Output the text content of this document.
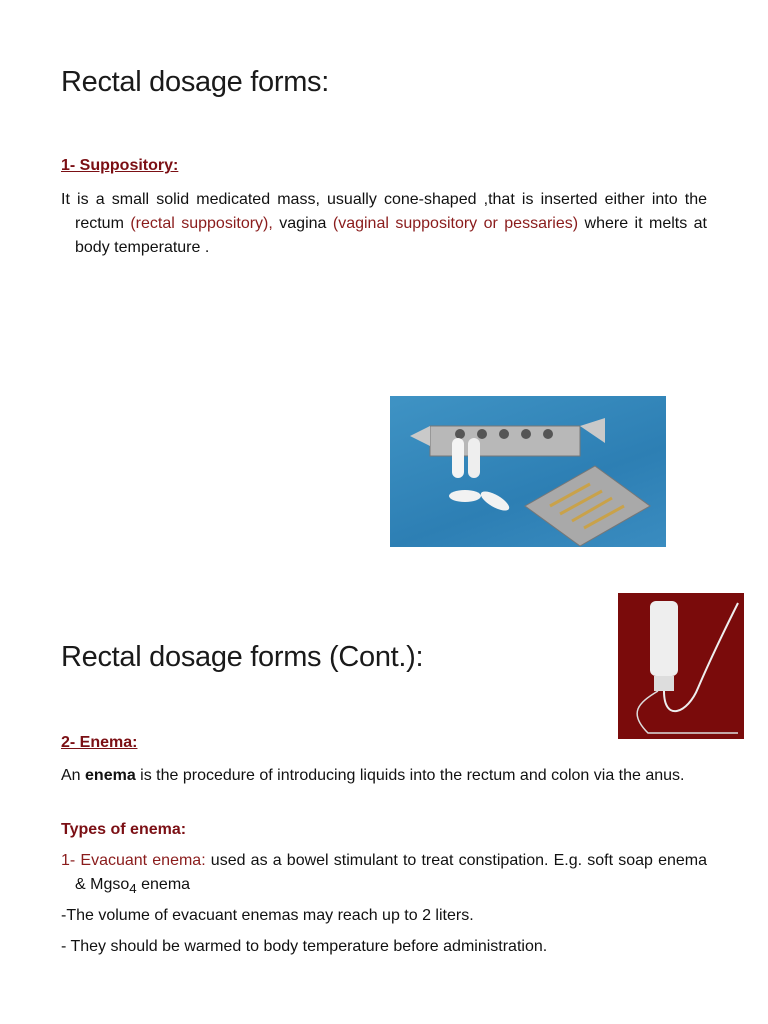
Rectal dosage forms:
1- Suppository:
It is a small solid medicated mass, usually cone-shaped ,that is inserted either into the rectum (rectal suppository), vagina (vaginal suppository or pessaries) where it melts at body temperature .
Rectal dosage forms (Cont.):
2- Enema:
An enema is the procedure of introducing liquids into the rectum and colon via the anus.
Types of enema:
1- Evacuant enema: used as a bowel stimulant to treat constipation. E.g. soft soap enema & Mgso$_4$ enema
-The volume of evacuant enemas may reach up to 2 liters.
- They should be warmed to body temperature before administration.
